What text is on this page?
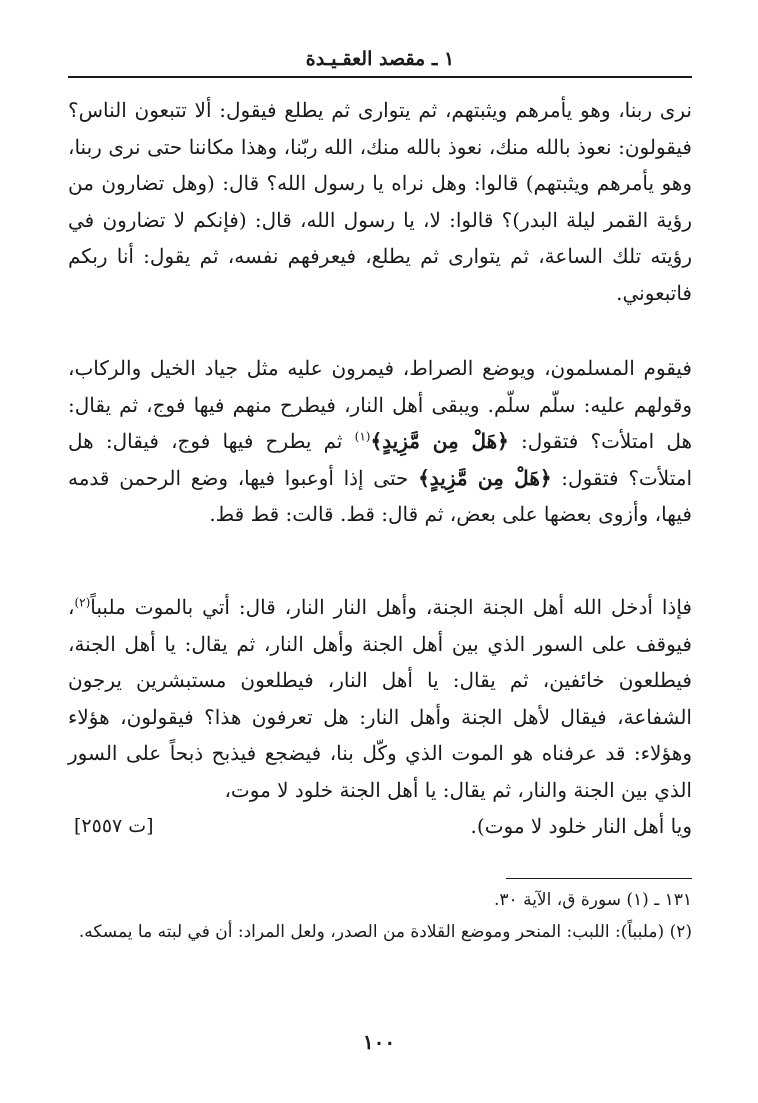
١ ـ مقصد العقـيـدة

نرى ربنا، وهو يأمرهم ويثبتهم، ثم يتوارى ثم يطلع فيقول: ألا تتبعون الناس؟ فيقولون: نعوذ بالله منك، نعوذ بالله منك، الله ربّنا، وهذا مكاننا حتى نرى ربنا، وهو يأمرهم ويثبتهم) قالوا: وهل نراه يا رسول الله؟ قال: (وهل تضارون من رؤية القمر ليلة البدر)؟ قالوا: لا، يا رسول الله، قال: (فإنكم لا تضارون في رؤيته تلك الساعة، ثم يتوارى ثم يطلع، فيعرفهم نفسه، ثم يقول: أنا ربكم فاتبعوني.

فيقوم المسلمون، ويوضع الصراط، فيمرون عليه مثل جياد الخيل والركاب، وقولهم عليه: سلّم سلّم. ويبقى أهل النار، فيطرح منهم فيها فوج، ثم يقال: هل امتلأت؟ فتقول: ﴿هَلْ مِن مَّزِيدٍ﴾$^{(١)}$ ثم يطرح فيها فوج، فيقال: هل امتلأت؟ فتقول: ﴿هَلْ مِن مَّزِيدٍ﴾ حتى إذا أوعبوا فيها، وضع الرحمن قدمه فيها، وأزوى بعضها على بعض، ثم قال: قط. قالت: قط قط.

فإذا أدخل الله أهل الجنة الجنة، وأهل النار النار، قال: أتي بالموت ملبباً$^{(٢)}$، فيوقف على السور الذي بين أهل الجنة وأهل النار، ثم يقال: يا أهل الجنة، فيطلعون خائفين، ثم يقال: يا أهل النار، فيطلعون مستبشرين يرجون الشفاعة، فيقال لأهل الجنة وأهل النار: هل تعرفون هذا؟ فيقولون، هؤلاء وهؤلاء: قد عرفناه هو الموت الذي وكّل بنا، فيضجع فيذبح ذبحاً على السور الذي بين الجنة والنار، ثم يقال: يا أهل الجنة خلود لا موت،

ويا أهل النار خلود لا موت).
[ت ٢٥٥٧]

١٣١ ـ (١) سورة ق، الآية ٣٠.

(٢) (ملبباً): اللبب: المنحر وموضع القلادة من الصدر، ولعل المراد: أن في لبته ما يمسكه.

١٠٠
